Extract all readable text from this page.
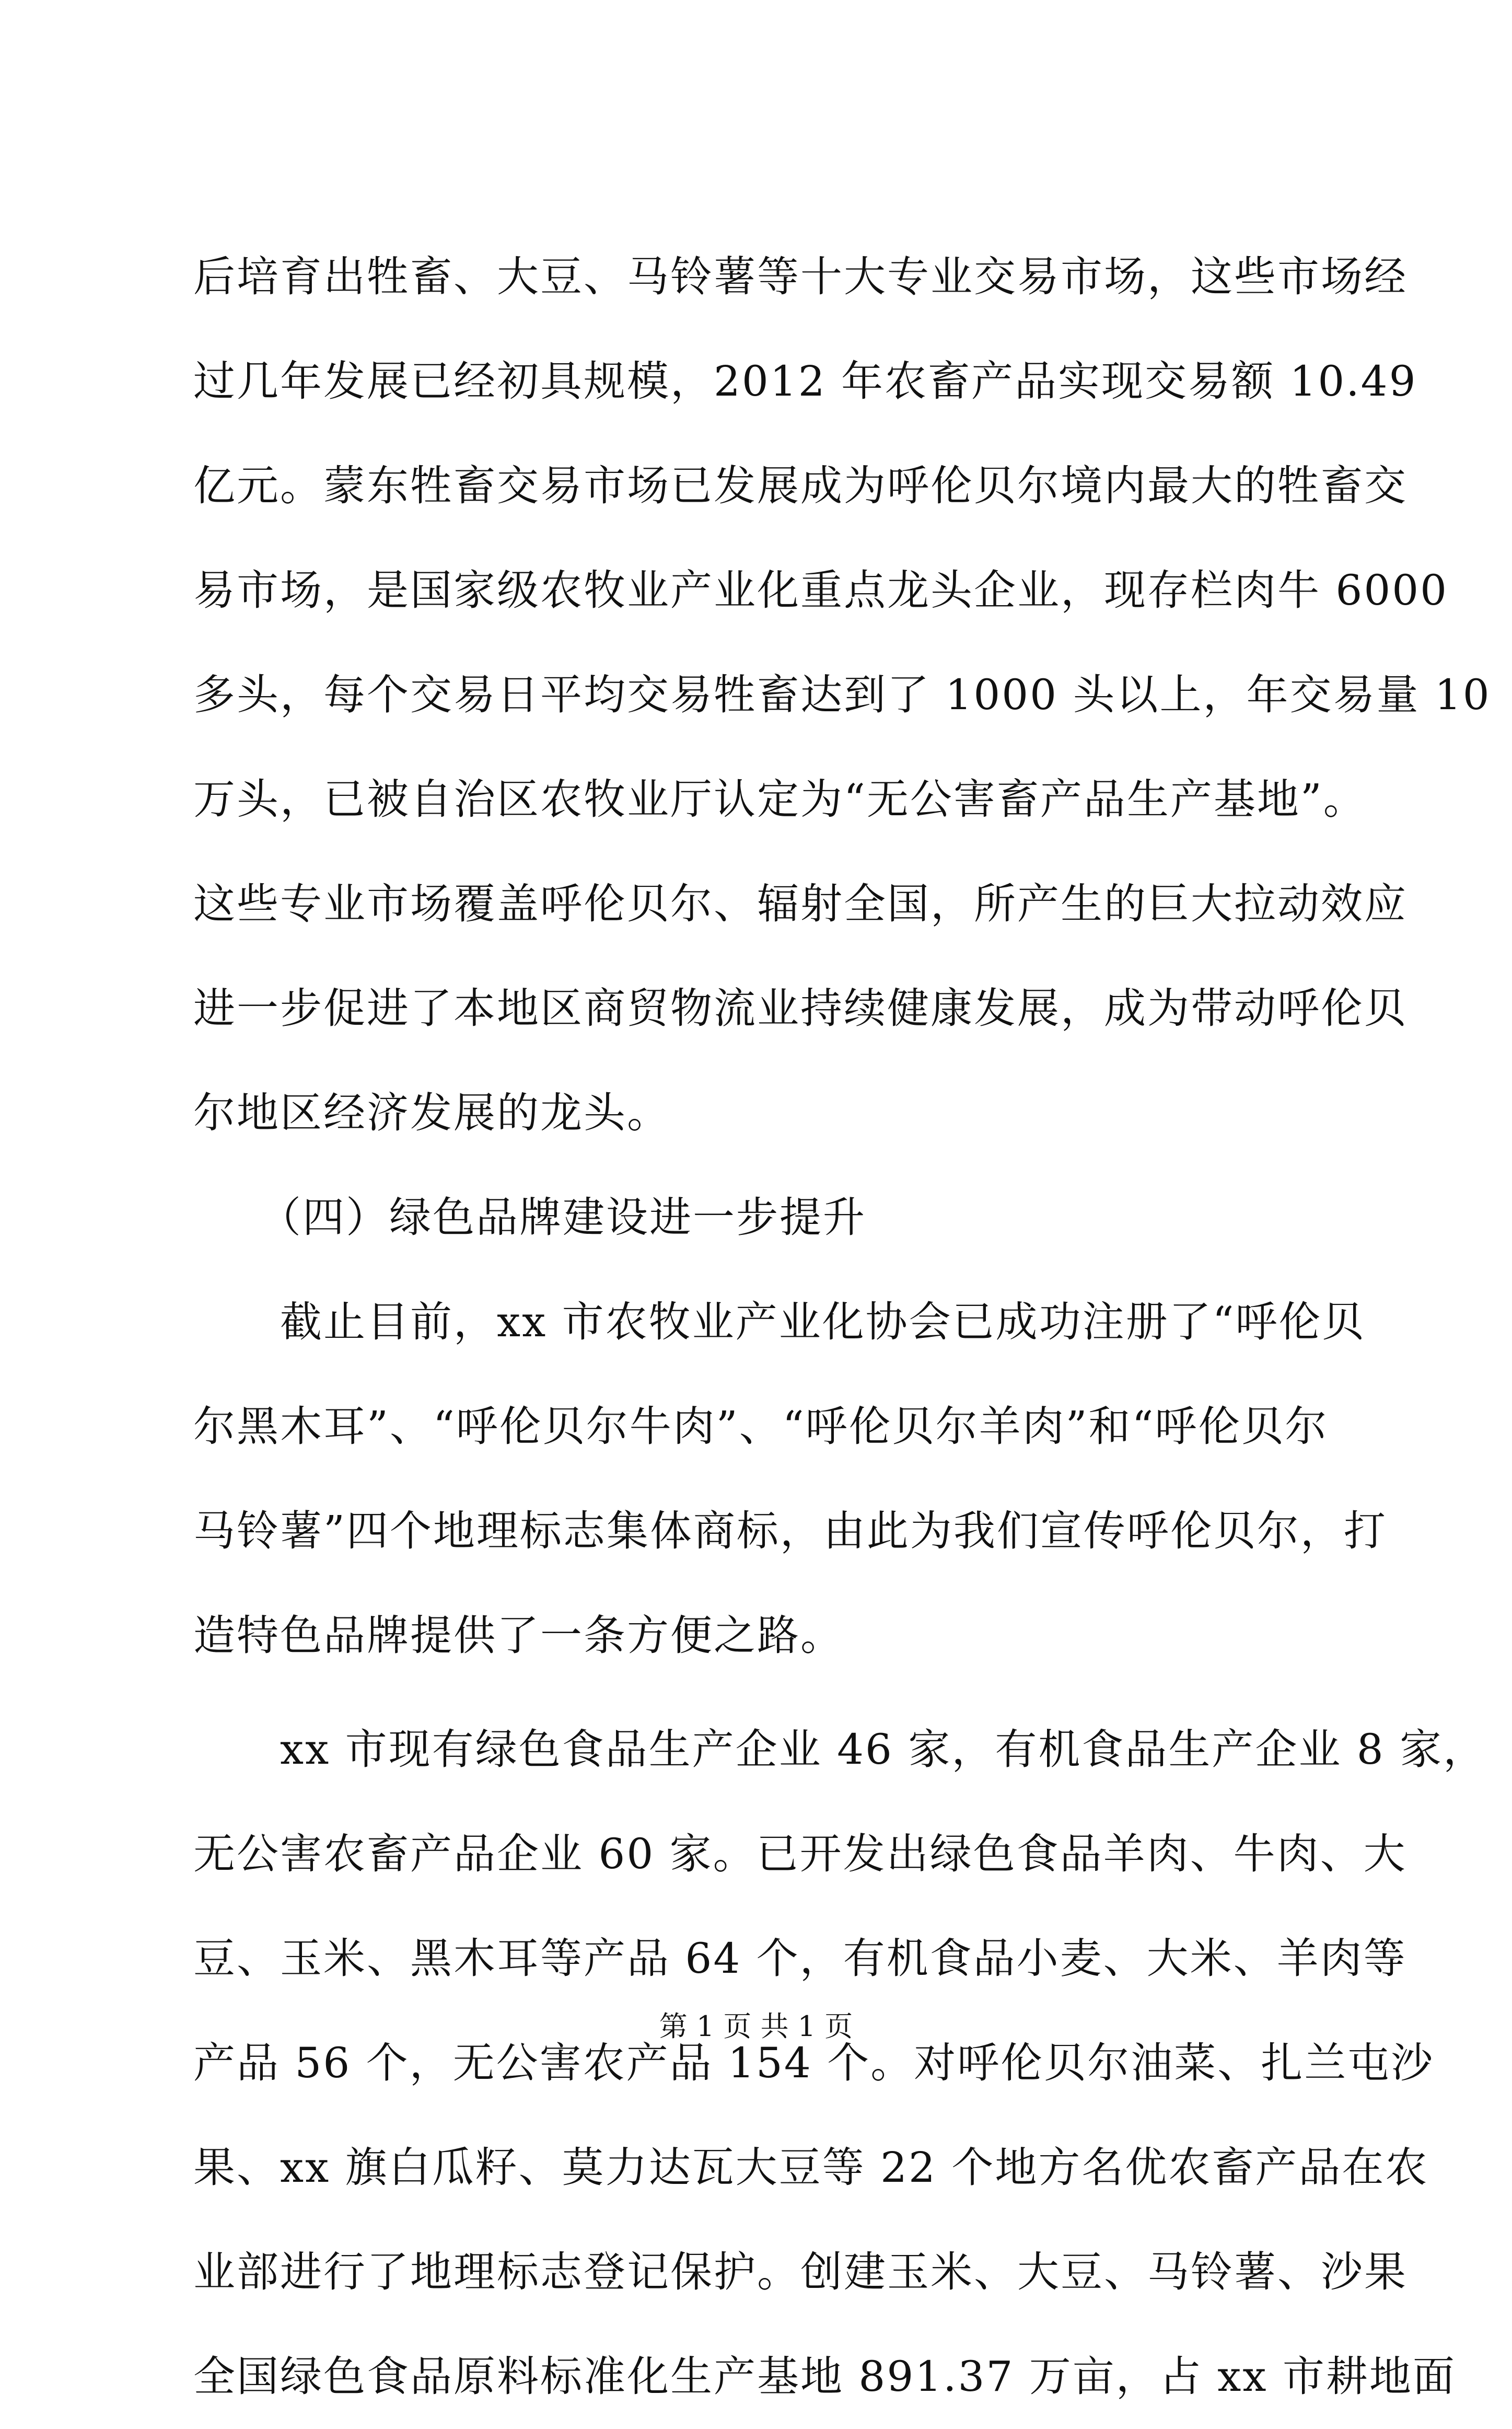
后培育出牲畜、大豆、马铃薯等十大专业交易市场，这些市场经
过几年发展已经初具规模，2012 年农畜产品实现交易额 10.49
亿元。蒙东牲畜交易市场已发展成为呼伦贝尔境内最大的牲畜交
易市场，是国家级农牧业产业化重点龙头企业，现存栏肉牛 6000
多头，每个交易日平均交易牲畜达到了 1000 头以上，年交易量 10
万头，已被自治区农牧业厅认定为“无公害畜产品生产基地”。
这些专业市场覆盖呼伦贝尔、辐射全国，所产生的巨大拉动效应
进一步促进了本地区商贸物流业持续健康发展，成为带动呼伦贝
尔地区经济发展的龙头。
　　（四）绿色品牌建设进一步提升
　　截止目前，xx 市农牧业产业化协会已成功注册了“呼伦贝
尔黑木耳”、“呼伦贝尔牛肉”、“呼伦贝尔羊肉”和“呼伦贝尔
马铃薯”四个地理标志集体商标，由此为我们宣传呼伦贝尔，打
造特色品牌提供了一条方便之路。
　　xx 市现有绿色食品生产企业 46 家，有机食品生产企业 8 家，
无公害农畜产品企业 60 家。已开发出绿色食品羊肉、牛肉、大
豆、玉米、黑木耳等产品 64 个，有机食品小麦、大米、羊肉等
产品 56 个，无公害农产品 154 个。对呼伦贝尔油菜、扎兰屯沙
果、xx 旗白瓜籽、莫力达瓦大豆等 22 个地方名优农畜产品在农
业部进行了地理标志登记保护。创建玉米、大豆、马铃薯、沙果
全国绿色食品原料标准化生产基地 891.37 万亩，占 xx 市耕地面
第 1 页 共 1 页
